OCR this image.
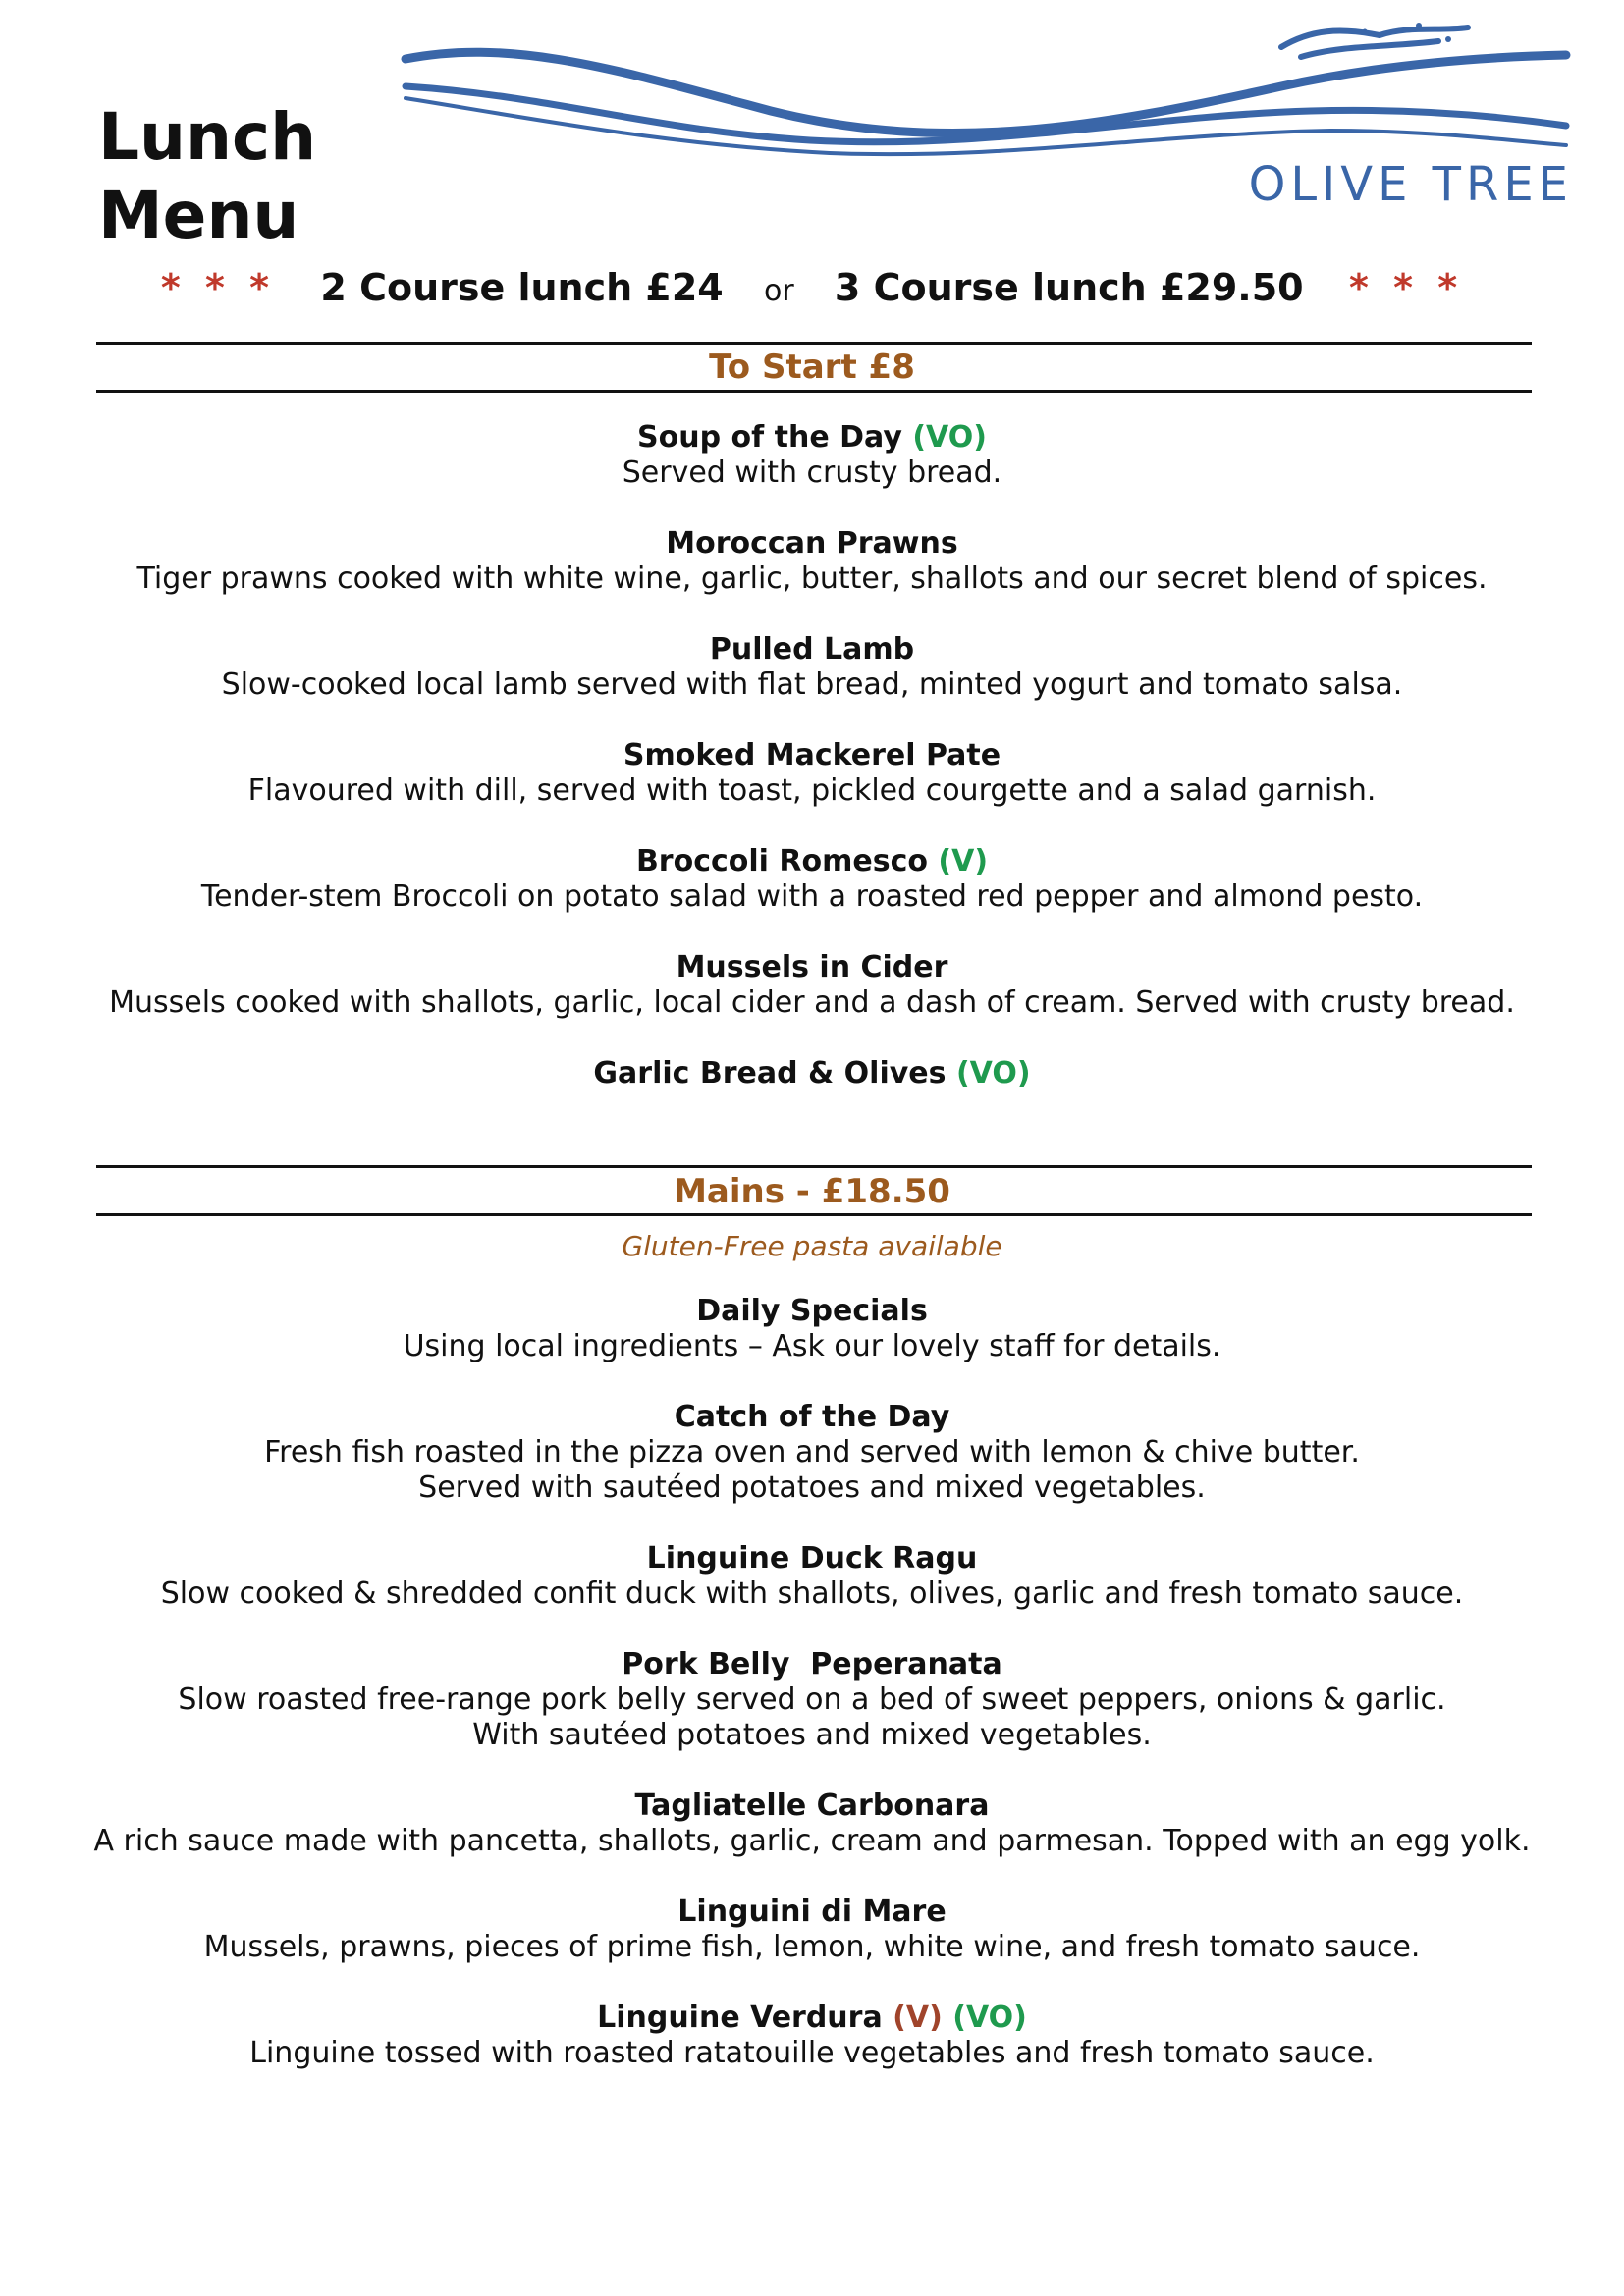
Lunch
Menu	OLIVE TREE
* * * 2 Course lunch £24 or 3 Course lunch £29.50 * * *
To Start £8
Soup of the Day (VO)
Served with crusty bread.
Moroccan Prawns
Tiger prawns cooked with white wine, garlic, butter, shallots and our secret blend of spices.
Pulled Lamb
Slow-cooked local lamb served with flat bread, minted yogurt and tomato salsa.
Smoked Mackerel Pate
Flavoured with dill, served with toast, pickled courgette and a salad garnish.
Broccoli Romesco (V)
Tender-stem Broccoli on potato salad with a roasted red pepper and almond pesto.
Mussels in Cider
Mussels cooked with shallots, garlic, local cider and a dash of cream. Served with crusty bread.
Garlic Bread & Olives (VO)
Mains - £18.50
Gluten-Free pasta available
Daily Specials
Using local ingredients – Ask our lovely staff for details.
Catch of the Day
Fresh fish roasted in the pizza oven and served with lemon & chive butter.
Served with sautéed potatoes and mixed vegetables.
Linguine Duck Ragu
Slow cooked & shredded confit duck with shallots, olives, garlic and fresh tomato sauce.
Pork Belly  Peperanata
Slow roasted free-range pork belly served on a bed of sweet peppers, onions & garlic.
With sautéed potatoes and mixed vegetables.
Tagliatelle Carbonara
A rich sauce made with pancetta, shallots, garlic, cream and parmesan. Topped with an egg yolk.
Linguini di Mare
Mussels, prawns, pieces of prime fish, lemon, white wine, and fresh tomato sauce.
Linguine Verdura (V) (VO)
Linguine tossed with roasted ratatouille vegetables and fresh tomato sauce.
